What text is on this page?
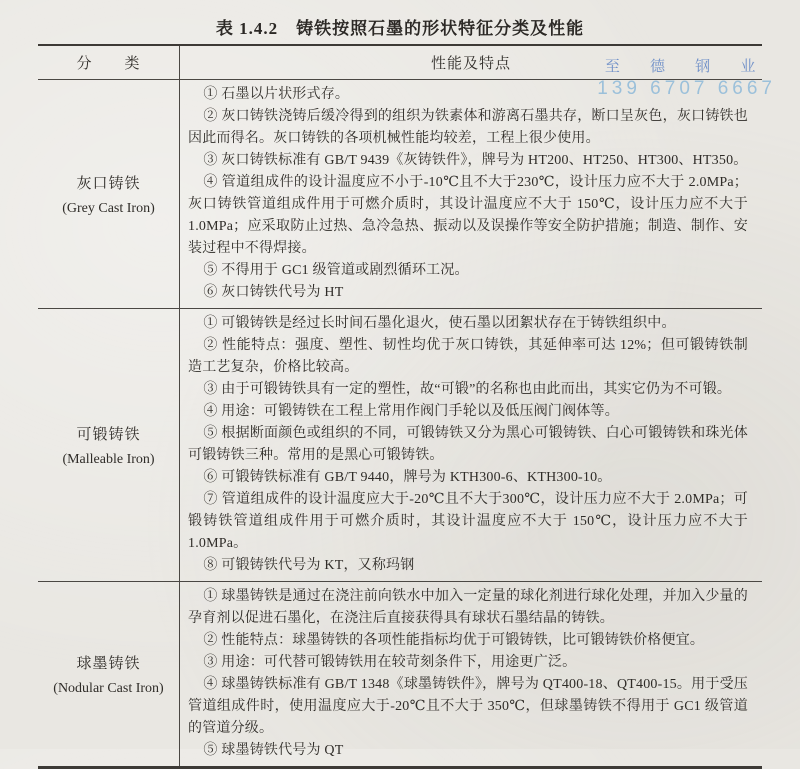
表 1.4.2　铸铁按照石墨的形状特征分类及性能
至 德 钢 业
139 6707 6667
分　　类	性能及特点
灰口铸铁
(Grey Cast Iron)

① 石墨以片状形式存。

② 灰口铸铁浇铸后缓冷得到的组织为铁素体和游离石墨共存，断口呈灰色，灰口铸铁也因此而得名。灰口铸铁的各项机械性能均较差，工程上很少使用。

③ 灰口铸铁标准有 GB/T 9439《灰铸铁件》，牌号为 HT200、HT250、HT300、HT350。

④ 管道组成件的设计温度应不小于-10℃且不大于230℃，设计压力应不大于 2.0MPa；灰口铸铁管道组成件用于可燃介质时，其设计温度应不大于 150℃，设计压力应不大于 1.0MPa；应采取防止过热、急冷急热、振动以及误操作等安全防护措施；制造、制作、安装过程中不得焊接。

⑤ 不得用于 GC1 级管道或剧烈循环工况。

⑥ 灰口铸铁代号为 HT

可锻铸铁
(Malleable Iron)

① 可锻铸铁是经过长时间石墨化退火，使石墨以团絮状存在于铸铁组织中。

② 性能特点：强度、塑性、韧性均优于灰口铸铁，其延伸率可达 12%；但可锻铸铁制造工艺复杂，价格比较高。

③ 由于可锻铸铁具有一定的塑性，故“可锻”的名称也由此而出，其实它仍为不可锻。

④ 用途：可锻铸铁在工程上常用作阀门手轮以及低压阀门阀体等。

⑤ 根据断面颜色或组织的不同，可锻铸铁又分为黑心可锻铸铁、白心可锻铸铁和珠光体可锻铸铁三种。常用的是黑心可锻铸铁。

⑥ 可锻铸铁标准有 GB/T 9440，牌号为 KTH300-6、KTH300-10。

⑦ 管道组成件的设计温度应大于-20℃且不大于300℃，设计压力应不大于 2.0MPa；可锻铸铁管道组成件用于可燃介质时，其设计温度应不大于 150℃，设计压力应不大于 1.0MPa。

⑧ 可锻铸铁代号为 KT，又称玛钢

球墨铸铁
(Nodular Cast Iron)

① 球墨铸铁是通过在浇注前向铁水中加入一定量的球化剂进行球化处理，并加入少量的孕育剂以促进石墨化，在浇注后直接获得具有球状石墨结晶的铸铁。

② 性能特点：球墨铸铁的各项性能指标均优于可锻铸铁，比可锻铸铁价格便宜。

③ 用途：可代替可锻铸铁用在较苛刻条件下，用途更广泛。

④ 球墨铸铁标准有 GB/T 1348《球墨铸铁件》，牌号为 QT400-18、QT400-15。用于受压管道组成件时，使用温度应大于-20℃且不大于 350℃，但球墨铸铁不得用于 GC1 级管道的管道分级。

⑤ 球墨铸铁代号为 QT
